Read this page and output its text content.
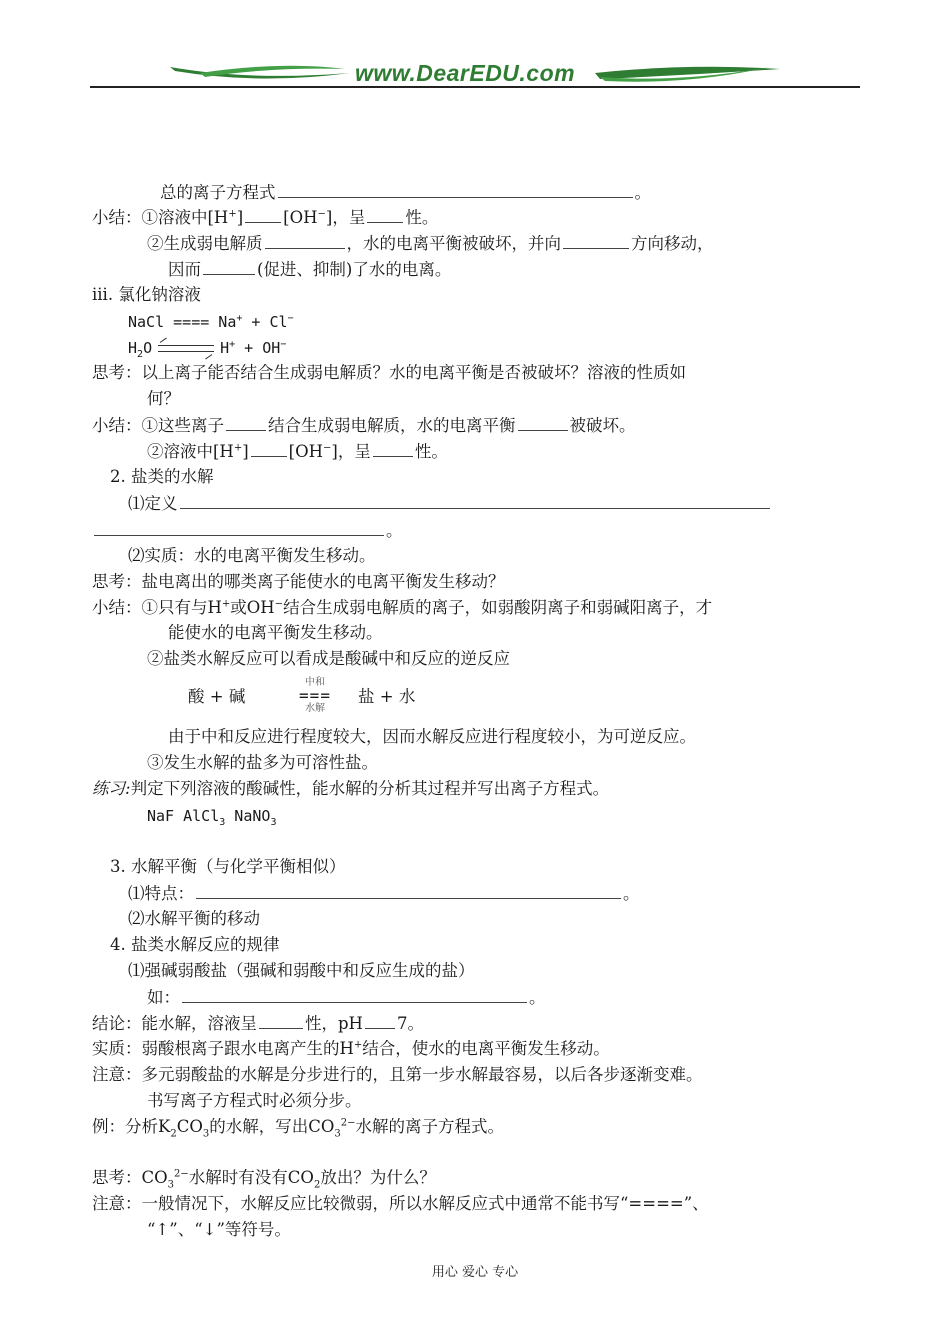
www.DearEDU.com
总的离子方程式	。
小结：①溶液中[H+] [OH−]，呈 性。
②生成弱电解质	，水的电离平衡被破坏，并向	方向移动，
因而	(促进、抑制)了水的电离。
iii. 氯化钠溶液
NaCl ==== Na+ + Cl−
$H_2O$ ⇌ H+ + OH−
思考：以上离子能否结合生成弱电解质？水的电离平衡是否被破坏？溶液的性质如
何？
小结：①这些离子	结合生成弱电解质，水的电离平衡	被破坏。
②溶液中[H+] [OH−]，呈	性。
2. 盐类的水解
⑴定义
。
⑵实质：水的电离平衡发生移动。
思考：盐电离出的哪类离子能使水的电离平衡发生移动？
小结：①只有与H+或OH−结合生成弱电解质的离子，如弱酸阴离子和弱碱阳离子，才
能使水的电离平衡发生移动。
②盐类水解反应可以看成是酸碱中和反应的逆反应
酸 + 碱
中和
===
水解
盐 + 水
由于中和反应进行程度较大，因而水解反应进行程度较小，为可逆反应。
③发生水解的盐多为可溶性盐。
练习:判定下列溶液的酸碱性，能水解的分析其过程并写出离子方程式。
NaF AlCl$_3$ NaNO$_3$
3. 水解平衡（与化学平衡相似）
⑴特点：	。
⑵水解平衡的移动
4. 盐类水解反应的规律
⑴强碱弱酸盐（强碱和弱酸中和反应生成的盐）
如：	。
结论：能水解，溶液呈	性，pH 7。
实质：弱酸根离子跟水电离产生的H+结合，使水的电离平衡发生移动。
注意：多元弱酸盐的水解是分步进行的，且第一步水解最容易，以后各步逐渐变难。
书写离子方程式时必须分步。
例：分析$K_2CO_3$的水解，写出$CO_3^{2-}$水解的离子方程式。
思考：$CO_3^{2-}$水解时有没有$CO_2$放出？为什么？
注意：一般情况下，水解反应比较微弱，所以水解反应式中通常不能书写“====”、
“↑”、“↓”等符号。
用心 爱心 专心
